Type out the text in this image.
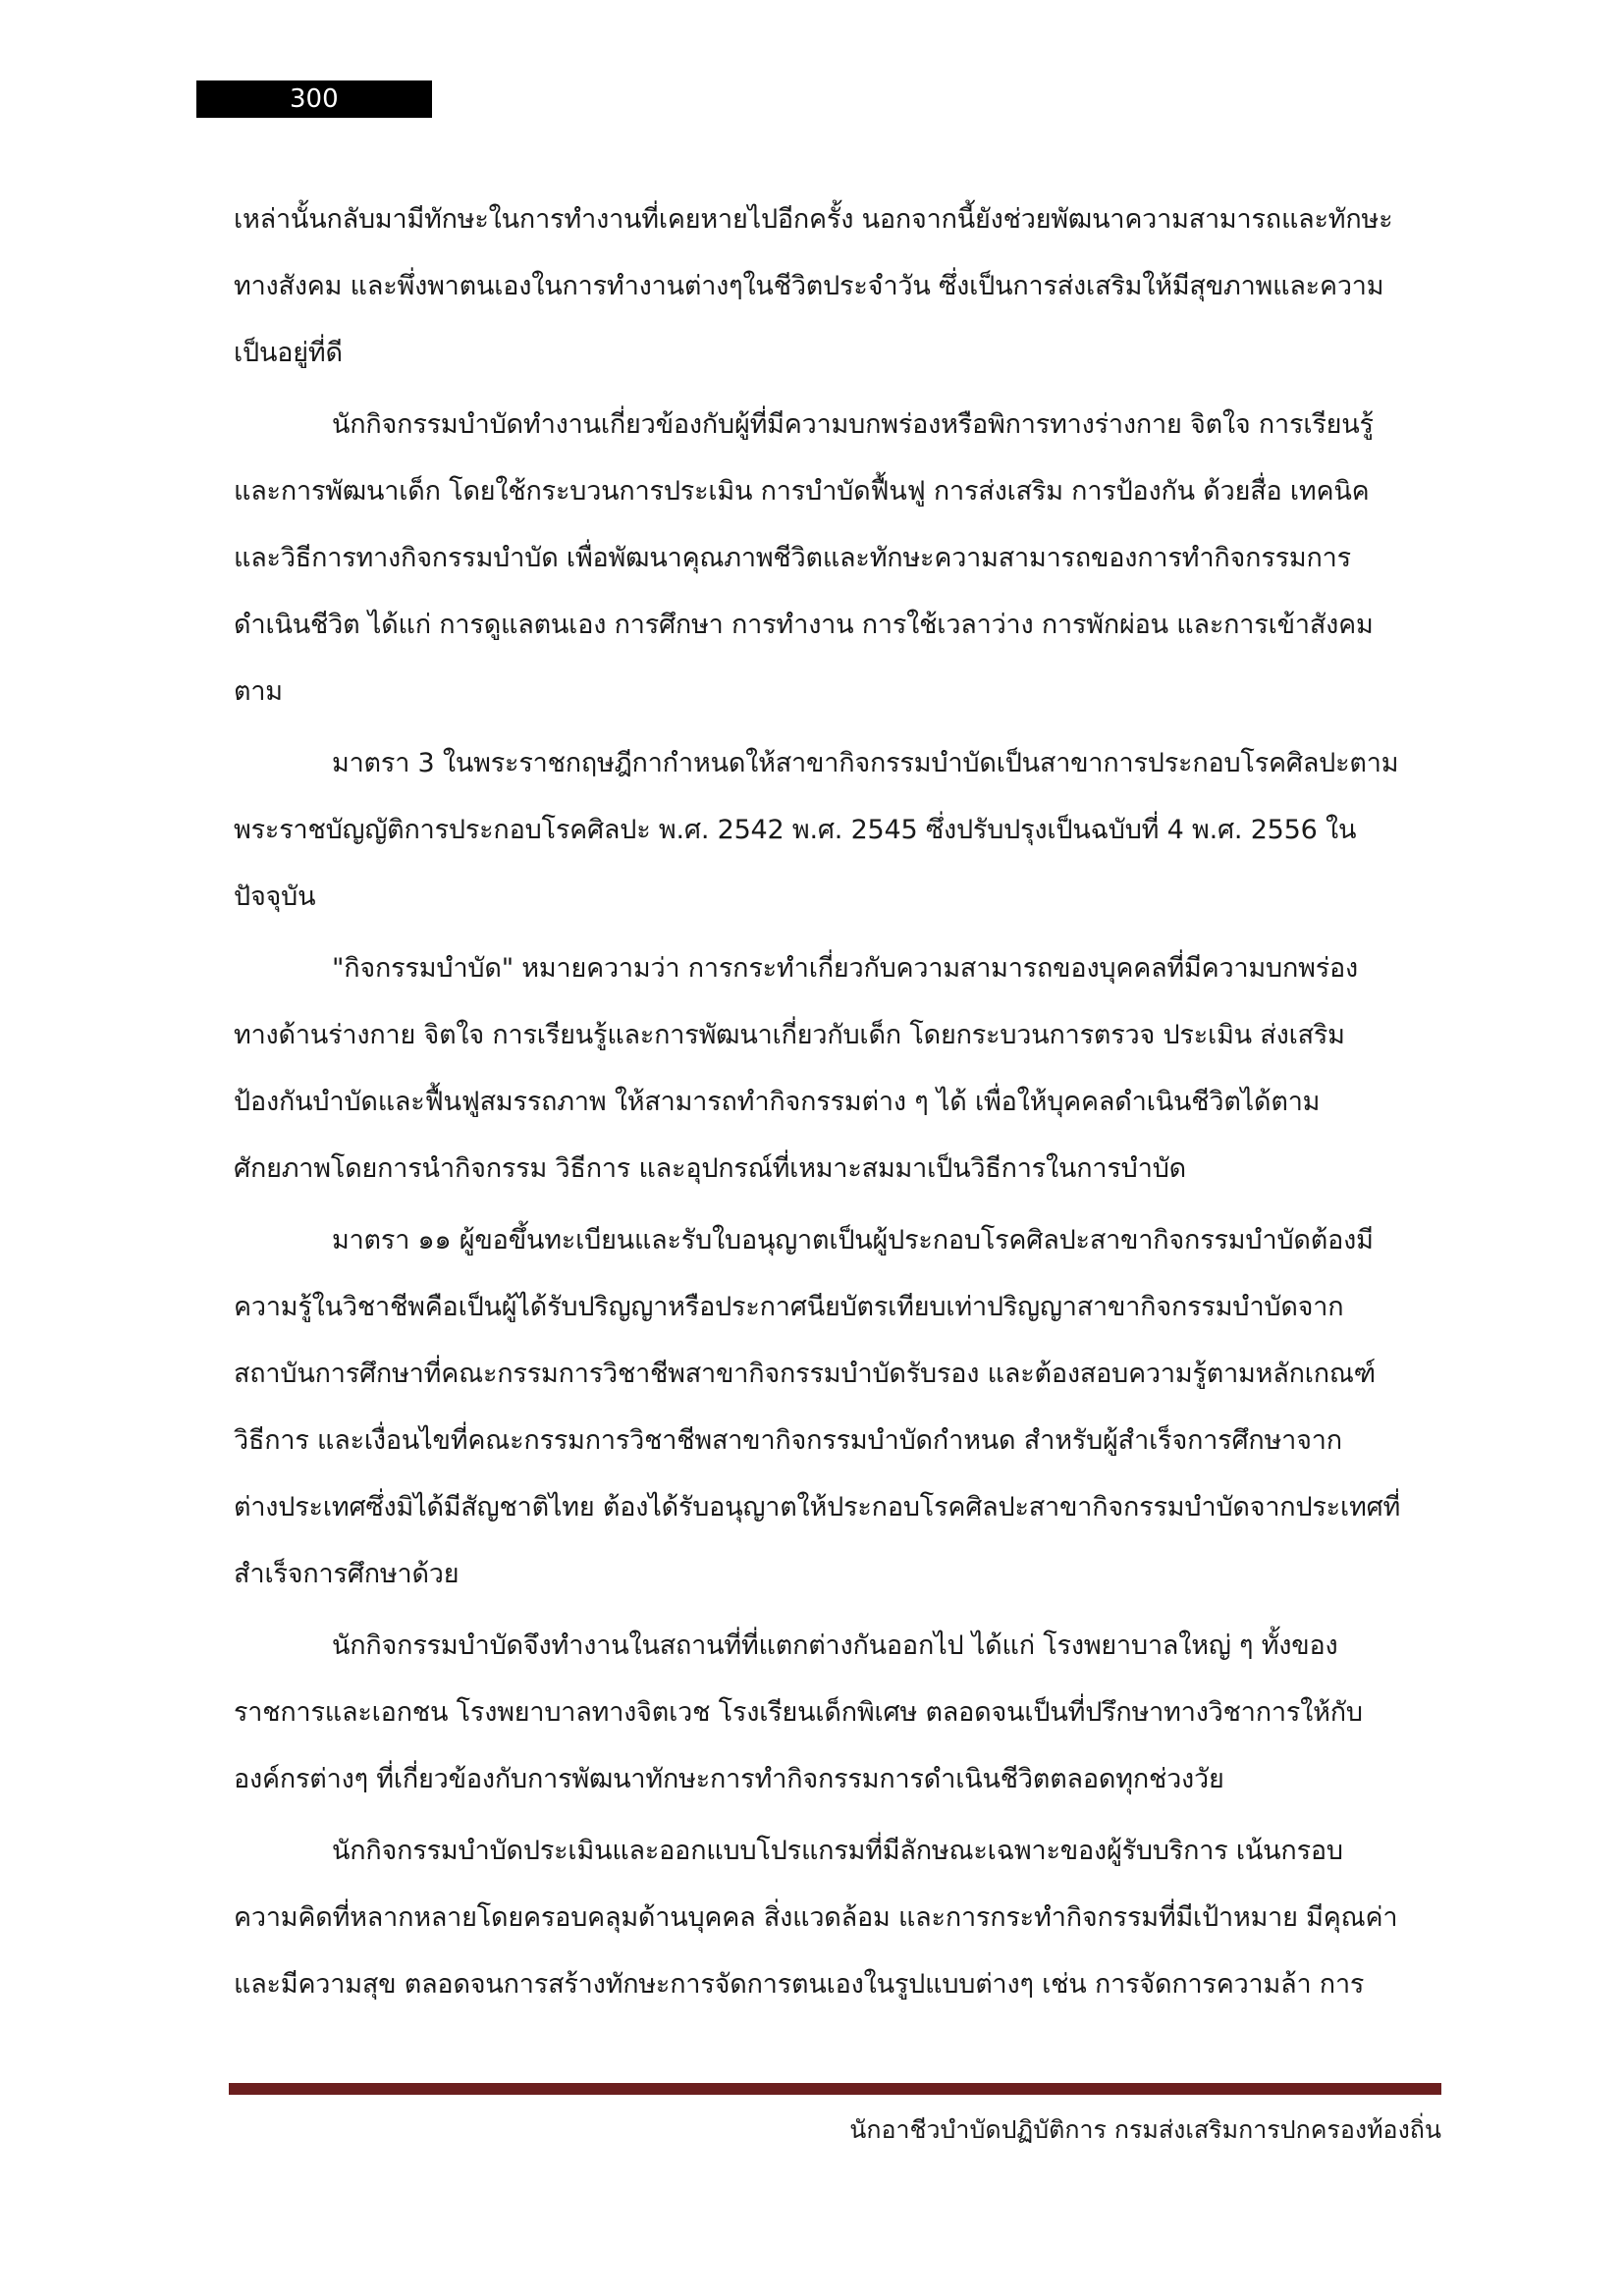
300
เหล่านั้นกลับมามีทักษะในการทำงานที่เคยหายไปอีกครั้ง นอกจากนี้ยังช่วยพัฒนาความสามารถและทักษะ
ทางสังคม และพึ่งพาตนเองในการทำงานต่างๆในชีวิตประจำวัน ซึ่งเป็นการส่งเสริมให้มีสุขภาพและความ
เป็นอยู่ที่ดี
นักกิจกรรมบำบัดทำงานเกี่ยวข้องกับผู้ที่มีความบกพร่องหรือพิการทางร่างกาย จิตใจ การเรียนรู้
และการพัฒนาเด็ก โดยใช้กระบวนการประเมิน การบำบัดฟื้นฟู การส่งเสริม การป้องกัน ด้วยสื่อ เทคนิค
และวิธีการทางกิจกรรมบำบัด เพื่อพัฒนาคุณภาพชีวิตและทักษะความสามารถของการทำกิจกรรมการ
ดำเนินชีวิต ได้แก่ การดูแลตนเอง การศึกษา การทำงาน การใช้เวลาว่าง การพักผ่อน และการเข้าสังคม
ตาม
มาตรา 3 ในพระราชกฤษฎีกากำหนดให้สาขากิจกรรมบำบัดเป็นสาขาการประกอบโรคศิลปะตาม
พระราชบัญญัติการประกอบโรคศิลปะ พ.ศ. 2542 พ.ศ. 2545 ซึ่งปรับปรุงเป็นฉบับที่ 4 พ.ศ. 2556 ใน
ปัจจุบัน
"กิจกรรมบำบัด" หมายความว่า การกระทำเกี่ยวกับความสามารถของบุคคลที่มีความบกพร่อง
ทางด้านร่างกาย จิตใจ การเรียนรู้และการพัฒนาเกี่ยวกับเด็ก โดยกระบวนการตรวจ ประเมิน ส่งเสริม
ป้องกันบำบัดและฟื้นฟูสมรรถภาพ ให้สามารถทำกิจกรรมต่าง ๆ ได้ เพื่อให้บุคคลดำเนินชีวิตได้ตาม
ศักยภาพโดยการนำกิจกรรม วิธีการ และอุปกรณ์ที่เหมาะสมมาเป็นวิธีการในการบำบัด
มาตรา ๑๑ ผู้ขอขึ้นทะเบียนและรับใบอนุญาตเป็นผู้ประกอบโรคศิลปะสาขากิจกรรมบำบัดต้องมี
ความรู้ในวิชาชีพคือเป็นผู้ได้รับปริญญาหรือประกาศนียบัตรเทียบเท่าปริญญาสาขากิจกรรมบำบัดจาก
สถาบันการศึกษาที่คณะกรรมการวิชาชีพสาขากิจกรรมบำบัดรับรอง และต้องสอบความรู้ตามหลักเกณฑ์
วิธีการ และเงื่อนไขที่คณะกรรมการวิชาชีพสาขากิจกรรมบำบัดกำหนด สำหรับผู้สำเร็จการศึกษาจาก
ต่างประเทศซึ่งมิได้มีสัญชาติไทย ต้องได้รับอนุญาตให้ประกอบโรคศิลปะสาขากิจกรรมบำบัดจากประเทศที่
สำเร็จการศึกษาด้วย
นักกิจกรรมบำบัดจึงทำงานในสถานที่ที่แตกต่างกันออกไป ได้แก่ โรงพยาบาลใหญ่ ๆ ทั้งของ
ราชการและเอกชน โรงพยาบาลทางจิตเวช โรงเรียนเด็กพิเศษ ตลอดจนเป็นที่ปรึกษาทางวิชาการให้กับ
องค์กรต่างๆ ที่เกี่ยวข้องกับการพัฒนาทักษะการทำกิจกรรมการดำเนินชีวิตตลอดทุกช่วงวัย
นักกิจกรรมบำบัดประเมินและออกแบบโปรแกรมที่มีลักษณะเฉพาะของผู้รับบริการ เน้นกรอบ
ความคิดที่หลากหลายโดยครอบคลุมด้านบุคคล สิ่งแวดล้อม และการกระทำกิจกรรมที่มีเป้าหมาย มีคุณค่า
และมีความสุข ตลอดจนการสร้างทักษะการจัดการตนเองในรูปแบบต่างๆ เช่น การจัดการความล้า การ
นักอาชีวบำบัดปฏิบัติการ กรมส่งเสริมการปกครองท้องถิ่น
